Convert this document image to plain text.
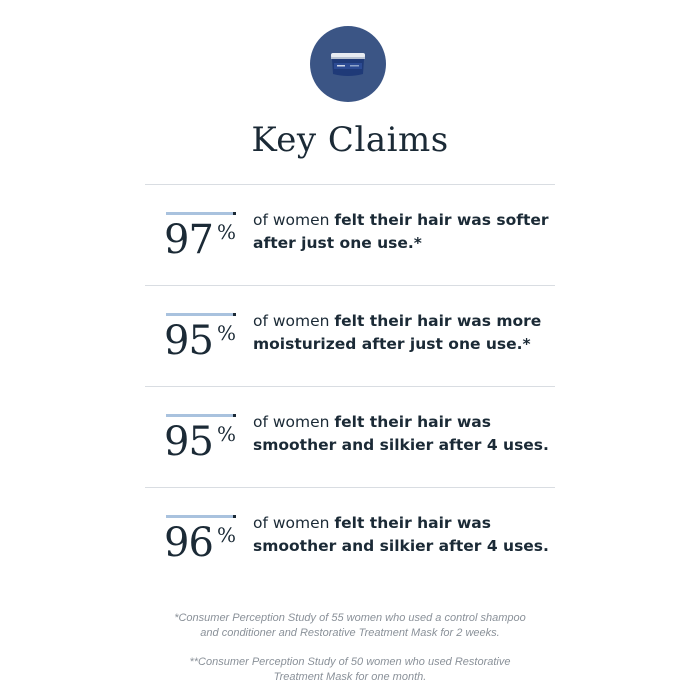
Key Claims
97 % of women felt their hair was softer after just one use.*
95 % of women felt their hair was more moisturized after just one use.*
95 % of women felt their hair was smoother and silkier after 4 uses.
96 % of women felt their hair was smoother and silkier after 4 uses.

*Consumer Perception Study of 55 women who used a control shampoo
and conditioner and Restorative Treatment Mask for 2 weeks.

**Consumer Perception Study of 50 women who used Restorative
Treatment Mask for one month.
